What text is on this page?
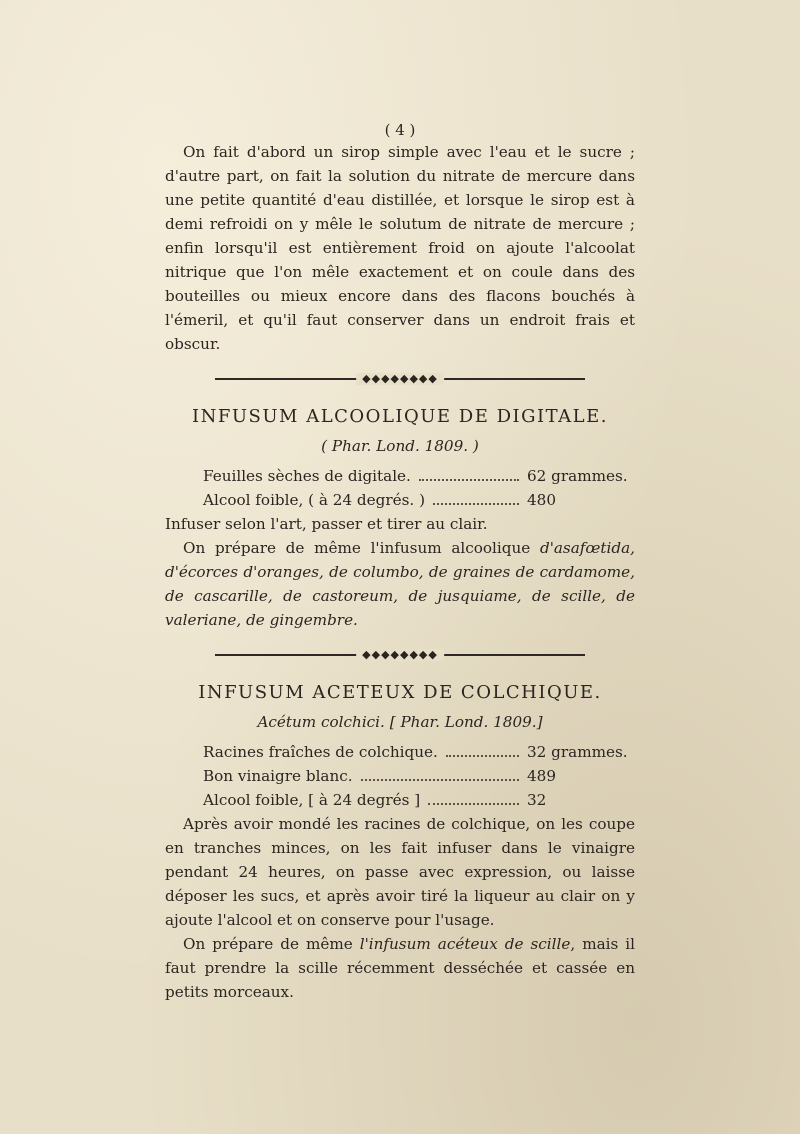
( 4 )

On fait d'abord un sirop simple avec l'eau et le sucre ; d'autre part, on fait la solution du nitrate de mercure dans une petite quantité d'eau distillée, et lorsque le sirop est à demi refroidi on y mêle le solutum de nitrate de mercure ; enfin lorsqu'il est entièrement froid on ajoute l'alcoolat nitrique que l'on mêle exactement et on coule dans des bouteilles ou mieux encore dans des flacons bouchés à l'émeril, et qu'il faut conserver dans un endroit frais et obscur.

◆◆◆◆◆◆◆◆
INFUSUM ALCOOLIQUE DE DIGITALE.
( Phar. Lond. 1809. )
Feuilles sèches de digitale.	62 grammes.
Alcool foible, ( à 24 degrés. )	480

Infuser selon l'art, passer et tirer au clair.

On prépare de même l'infusum alcoolique d'asafœtida, d'écorces d'oranges, de columbo, de graines de cardamome, de cascarille, de castoreum, de jusquiame, de scille, de valeriane, de gingembre.

◆◆◆◆◆◆◆◆
INFUSUM ACETEUX DE COLCHIQUE.
Acétum colchici. [ Phar. Lond. 1809.]
Racines fraîches de colchique.	32 grammes.
Bon vinaigre blanc.	489
Alcool foible, [ à 24 degrés ]	32

Après avoir mondé les racines de colchique, on les coupe en tranches minces, on les fait infuser dans le vinaigre pendant 24 heures, on passe avec expression, ou laisse déposer les sucs, et après avoir tiré la liqueur au clair on y ajoute l'alcool et on conserve pour l'usage.

On prépare de même l'infusum acéteux de scille, mais il faut prendre la scille récemment desséchée et cassée en petits morceaux.
